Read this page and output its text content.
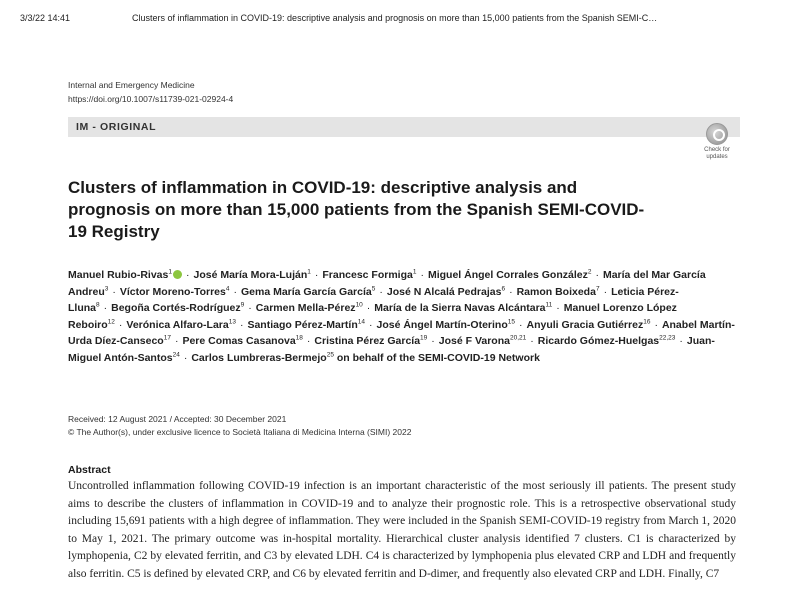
3/3/22 14:41	Clusters of inflammation in COVID-19: descriptive analysis and prognosis on more than 15,000 patients from the Spanish SEMI-C…
Internal and Emergency Medicine
https://doi.org/10.1007/s11739-021-02924-4
IM - ORIGINAL
Check for updates
Clusters of inflammation in COVID-19: descriptive analysis and prognosis on more than 15,000 patients from the Spanish SEMI-COVID-19 Registry
Manuel Rubio-Rivas$^1$ · José María Mora-Luján$^1$ · Francesc Formiga$^1$ · Miguel Ángel Corrales González$^2$ · María del Mar García Andreu$^3$ · Víctor Moreno-Torres$^4$ · Gema María García García$^5$ · José N Alcalá Pedrajas$^6$ · Ramon Boixeda$^7$ · Leticia Pérez-Lluna$^8$ · Begoña Cortés-Rodríguez$^9$ · Carmen Mella-Pérez$^{10}$ · María de la Sierra Navas Alcántara$^{11}$ · Manuel Lorenzo López Reboiro$^{12}$ · Verónica Alfaro-Lara$^{13}$ · Santiago Pérez-Martín$^{14}$ · José Ángel Martín-Oterino$^{15}$ · Anyuli Gracia Gutiérrez$^{16}$ · Anabel Martín-Urda Díez-Canseco$^{17}$ · Pere Comas Casanova$^{18}$ · Cristina Pérez García$^{19}$ · José F Varona$^{20,21}$ · Ricardo Gómez-Huelgas$^{22,23}$ · Juan-Miguel Antón-Santos$^{24}$ · Carlos Lumbreras-Bermejo$^{25}$ on behalf of the SEMI-COVID-19 Network
Received: 12 August 2021 / Accepted: 30 December 2021
© The Author(s), under exclusive licence to Società Italiana di Medicina Interna (SIMI) 2022
Abstract
Uncontrolled inflammation following COVID-19 infection is an important characteristic of the most seriously ill patients. The present study aims to describe the clusters of inflammation in COVID-19 and to analyze their prognostic role. This is a retrospective observational study including 15,691 patients with a high degree of inflammation. They were included in the Spanish SEMI-COVID-19 registry from March 1, 2020 to May 1, 2021. The primary outcome was in-hospital mortality. Hierarchical cluster analysis identified 7 clusters. C1 is characterized by lymphopenia, C2 by elevated ferritin, and C3 by elevated LDH. C4 is characterized by lymphopenia plus elevated CRP and LDH and frequently also ferritin. C5 is defined by elevated CRP, and C6 by elevated ferritin and D-dimer, and frequently also elevated CRP and LDH. Finally, C7
